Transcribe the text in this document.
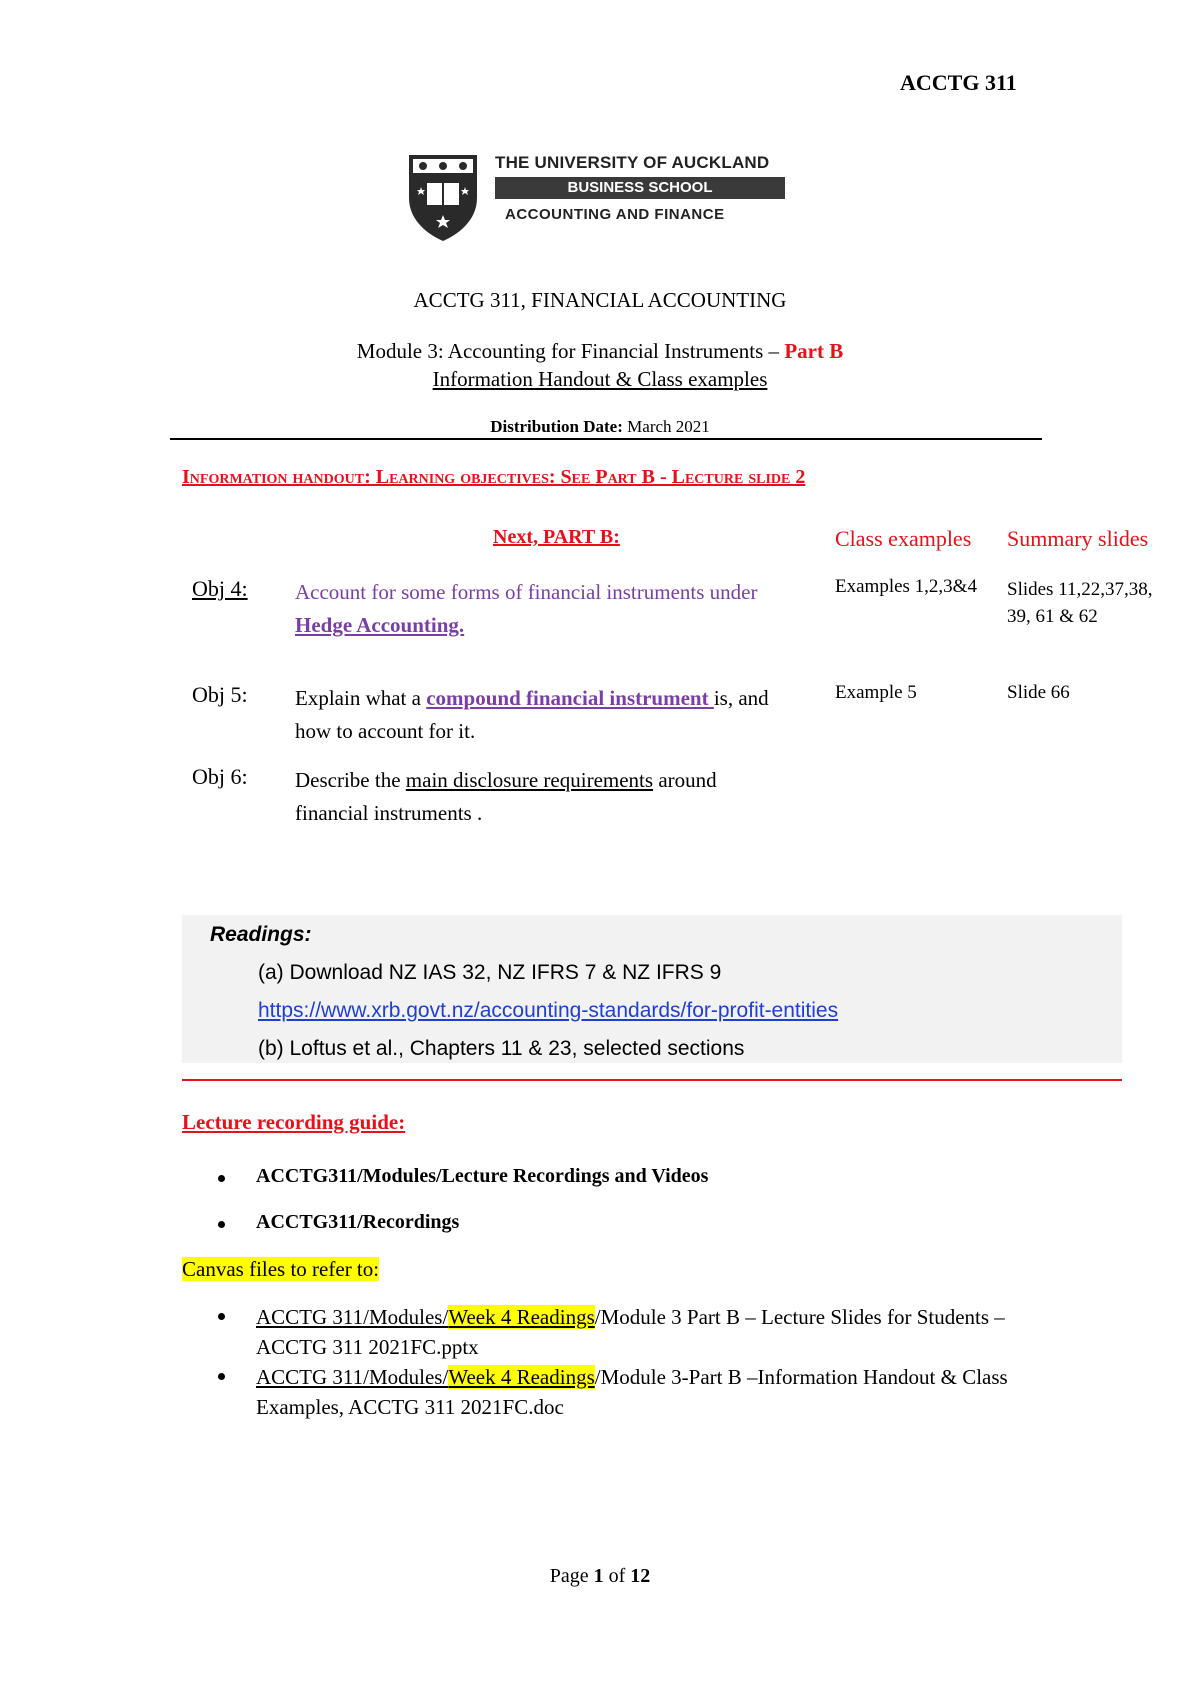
ACCTG 311
THE UNIVERSITY OF AUCKLAND
BUSINESS SCHOOL
ACCOUNTING AND FINANCE
ACCTG 311, FINANCIAL ACCOUNTING
Module 3: Accounting for Financial Instruments – Part B
Information Handout & Class examples
Distribution Date: March 2021
Information handout: Learning objectives: See Part B - Lecture slide 2
Next, PART B:	Class examples Summary slides
Obj 4: Account for some forms of financial instruments under Hedge Accounting.
Examples 1,2,3&4 Slides 11,22,37,38, 39, 61 & 62
Obj 5: Explain what a compound financial instrument is, and how to account for it.
Example 5	Slide 66
Obj 6: Describe the main disclosure requirements around financial instruments .
Readings:
(a) Download NZ IAS 32, NZ IFRS 7 & NZ IFRS 9
https://www.xrb.govt.nz/accounting-standards/for-profit-entities
(b) Loftus et al., Chapters 11 & 23, selected sections
Lecture recording guide:
ACCTG311/Modules/Lecture Recordings and Videos
ACCTG311/Recordings
Canvas files to refer to:
ACCTG 311/Modules/Week 4 Readings/Module 3 Part B – Lecture Slides for Students –ACCTG 311 2021FC.pptx
ACCTG 311/Modules/Week 4 Readings/Module 3-Part B –Information Handout & Class Examples, ACCTG 311 2021FC.doc
Page 1 of 12
